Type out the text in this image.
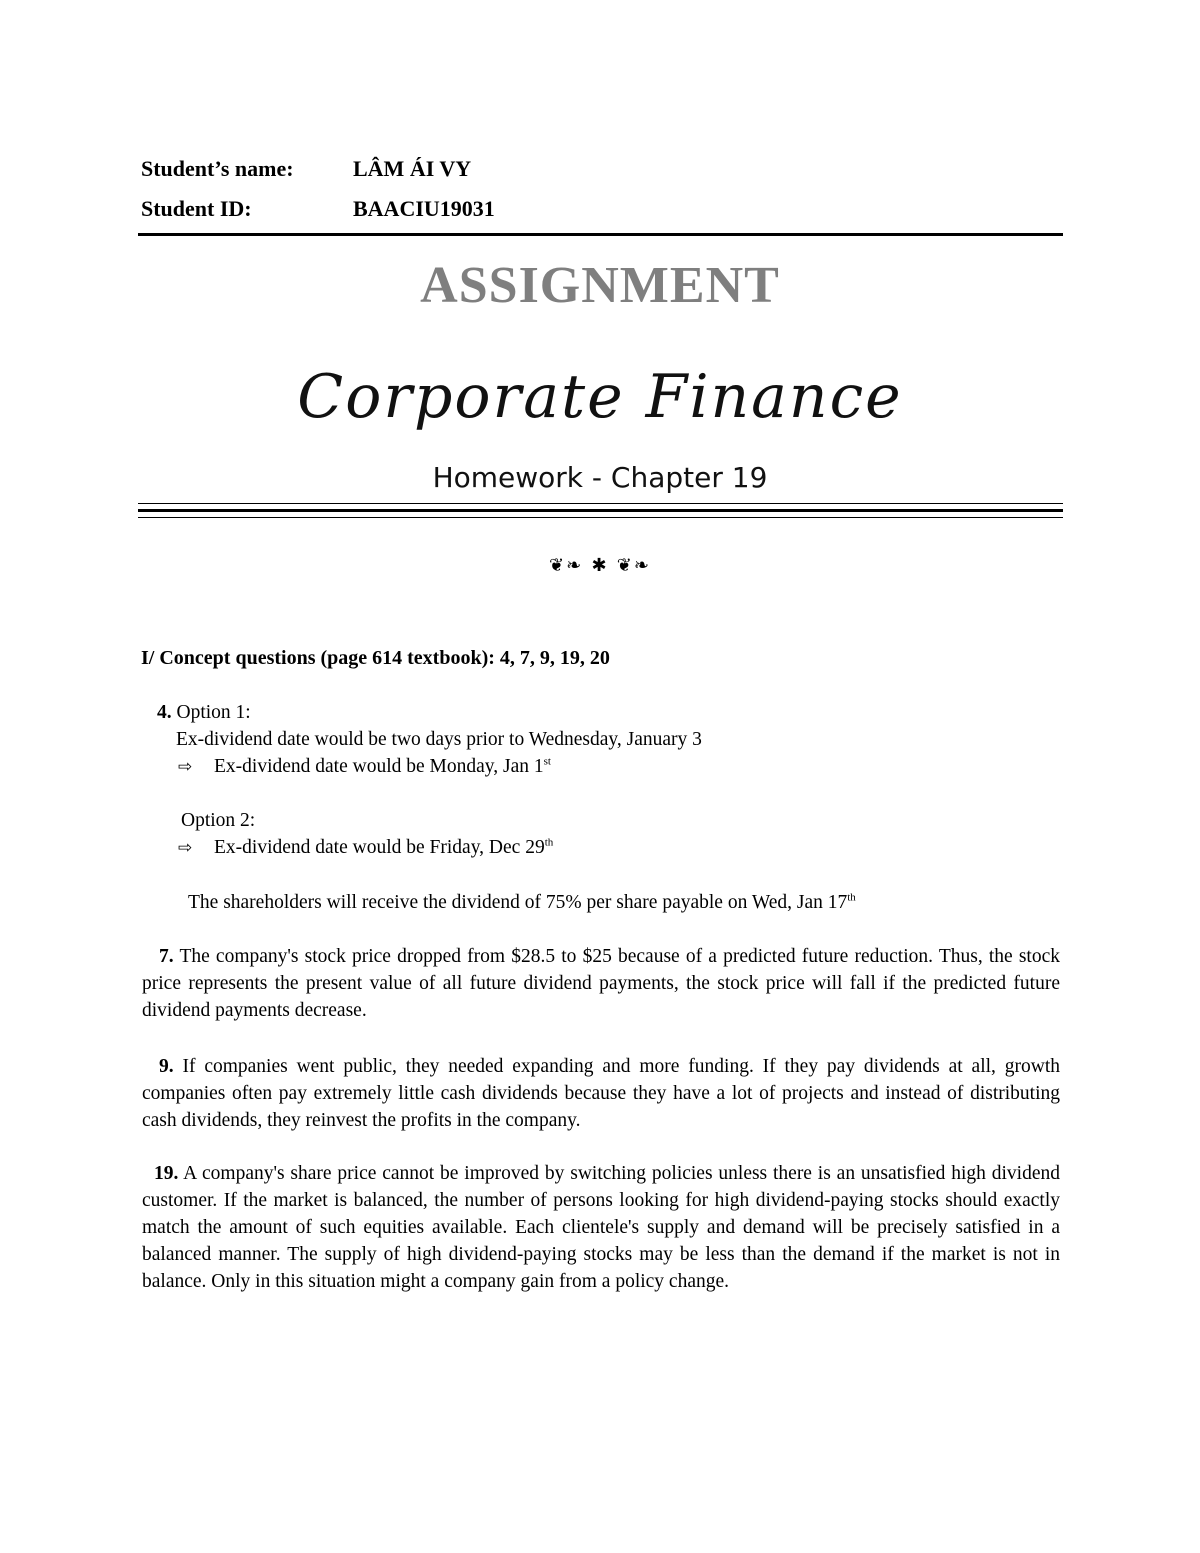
Student’s name:	LÂM ÁI VY
Student ID:	BAACIU19031
ASSIGNMENT
Corporate Finance
Homework - Chapter 19
❦❧ ✱ ❦❧
I/ Concept questions (page 614 textbook): 4, 7, 9, 19, 20
4. Option 1:
Ex-dividend date would be two days prior to Wednesday, January 3
⇨ Ex-dividend date would be Monday, Jan 1st
Option 2:
⇨ Ex-dividend date would be Friday, Dec 29th
The shareholders will receive the dividend of 75% per share payable on Wed, Jan 17th
7. The company's stock price dropped from $28.5 to $25 because of a predicted future reduction. Thus, the stock price represents the present value of all future dividend payments, the stock price will fall if the predicted future dividend payments decrease.
9. If companies went public, they needed expanding and more funding. If they pay dividends at all, growth companies often pay extremely little cash dividends because they have a lot of projects and instead of distributing cash dividends, they reinvest the profits in the company.
19. A company's share price cannot be improved by switching policies unless there is an unsatisfied high dividend customer. If the market is balanced, the number of persons looking for high dividend-paying stocks should exactly match the amount of such equities available. Each clientele's supply and demand will be precisely satisfied in a balanced manner. The supply of high dividend-paying stocks may be less than the demand if the market is not in balance. Only in this situation might a company gain from a policy change.
